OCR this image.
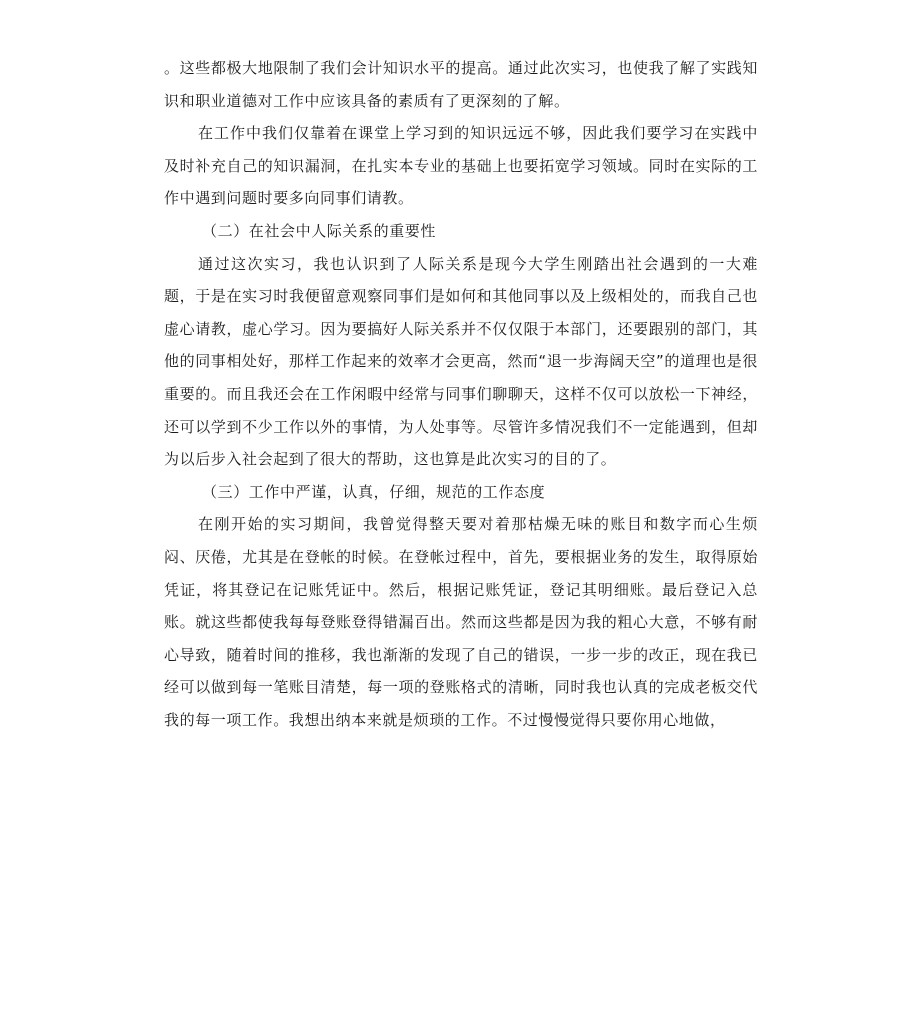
。这些都极大地限制了我们会计知识水平的提高。通过此次实习，也使我了解了实践知识和职业道德对工作中应该具备的素质有了更深刻的了解。

在工作中我们仅靠着在课堂上学习到的知识远远不够，因此我们要学习在实践中及时补充自己的知识漏洞，在扎实本专业的基础上也要拓宽学习领域。同时在实际的工作中遇到问题时要多向同事们请教。

（二）在社会中人际关系的重要性

通过这次实习，我也认识到了人际关系是现今大学生刚踏出社会遇到的一大难题，于是在实习时我便留意观察同事们是如何和其他同事以及上级相处的，而我自己也虚心请教，虚心学习。因为要搞好人际关系并不仅仅限于本部门，还要跟别的部门，其他的同事相处好，那样工作起来的效率才会更高，然而“退一步海阔天空”的道理也是很重要的。而且我还会在工作闲暇中经常与同事们聊聊天，这样不仅可以放松一下神经，还可以学到不少工作以外的事情，为人处事等。尽管许多情况我们不一定能遇到，但却为以后步入社会起到了很大的帮助，这也算是此次实习的目的了。

（三）工作中严谨，认真，仔细，规范的工作态度

在刚开始的实习期间，我曾觉得整天要对着那枯燥无味的账目和数字而心生烦闷、厌倦，尤其是在登帐的时候。在登帐过程中，首先，要根据业务的发生，取得原始凭证，将其登记在记账凭证中。然后，根据记账凭证，登记其明细账。最后登记入总账。就这些都使我每每登账登得错漏百出。然而这些都是因为我的粗心大意，不够有耐心导致，随着时间的推移，我也渐渐的发现了自己的错误，一步一步的改正，现在我已经可以做到每一笔账目清楚，每一项的登账格式的清晰，同时我也认真的完成老板交代我的每一项工作。我想出纳本来就是烦琐的工作。不过慢慢觉得只要你用心地做，
